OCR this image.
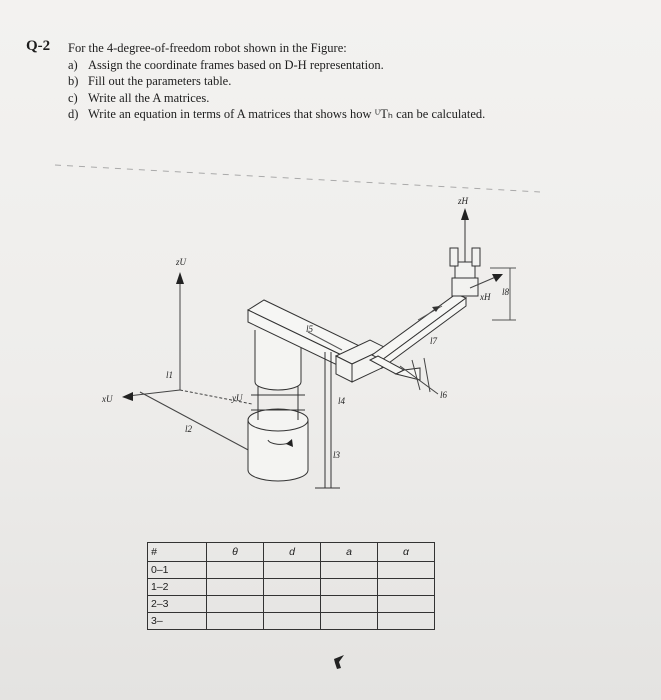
Q-2 For the 4-degree-of-freedom robot shown in the Figure:
a) Assign the coordinate frames based on D-H representation.
b) Fill out the parameters table.
c) Write all the A matrices.
d) Write an equation in terms of A matrices that shows how ᵁTₕ can be calculated.
zU
xU	yU
l1
l2
l3
l4
l5
l6
l7
l8
zH
xH
#	θ	d	a	α
0–1				
1–2				
2–3				
3–				
